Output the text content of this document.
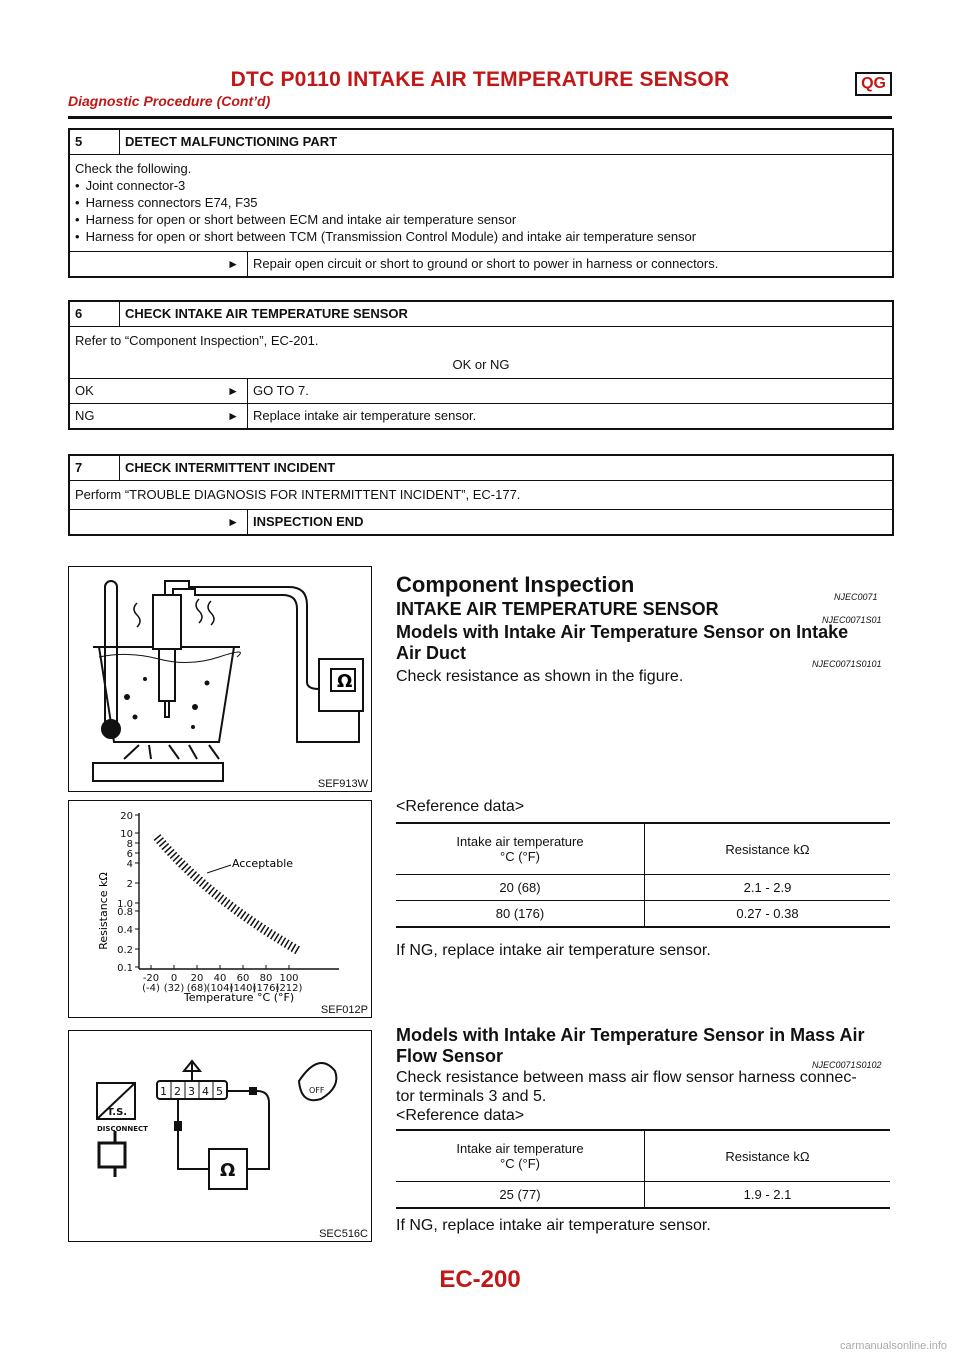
DTC P0110 INTAKE AIR TEMPERATURE SENSOR
Diagnostic Procedure (Cont’d)
QG
5	DETECT MALFUNCTIONING PART
Check the following.
• Joint connector-3
• Harness connectors E74, F35
• Harness for open or short between ECM and intake air temperature sensor
• Harness for open or short between TCM (Transmission Control Module) and intake air temperature sensor
►	Repair open circuit or short to ground or short to power in harness or connectors.
6	CHECK INTAKE AIR TEMPERATURE SENSOR
Refer to “Component Inspection”, EC-201.
OK or NG
OK	►	GO TO 7.
NG	►	Replace intake air temperature sensor.
7	CHECK INTERMITTENT INCIDENT
Perform “TROUBLE DIAGNOSIS FOR INTERMITTENT INCIDENT”, EC-177.
►	INSPECTION END
Ω
SEF913W
20
10
8
6
4
2
1.0
0.8
0.4
0.2
0.1
-20
(-4)
0
(32)
20
(68)
40
(104)
60
(140)
80
(176)
100
(212)
Acceptable
Resistance kΩ
Temperature °C (°F)
SEF012P
T.S.
DISCONNECT
1 2 3 4 5
Ω
OFF
SEC516C
Component Inspection	NJEC0071
INTAKE AIR TEMPERATURE SENSOR
NJEC0071S01
Models with Intake Air Temperature Sensor on Intake
Air Duct
NJEC0071S0101
Check resistance as shown in the figure.
<Reference data>
Intake air temperature
°C (°F)	Resistance kΩ
20 (68)	2.1 - 2.9
80 (176)	0.27 - 0.38
If NG, replace intake air temperature sensor.
Models with Intake Air Temperature Sensor in Mass Air
Flow Sensor	NJEC0071S0102
Check resistance between mass air flow sensor harness connec-
tor terminals 3 and 5.
<Reference data>
Intake air temperature
°C (°F)	Resistance kΩ
25 (77)	1.9 - 2.1
If NG, replace intake air temperature sensor.
EC-200
carmanualsonline.info
